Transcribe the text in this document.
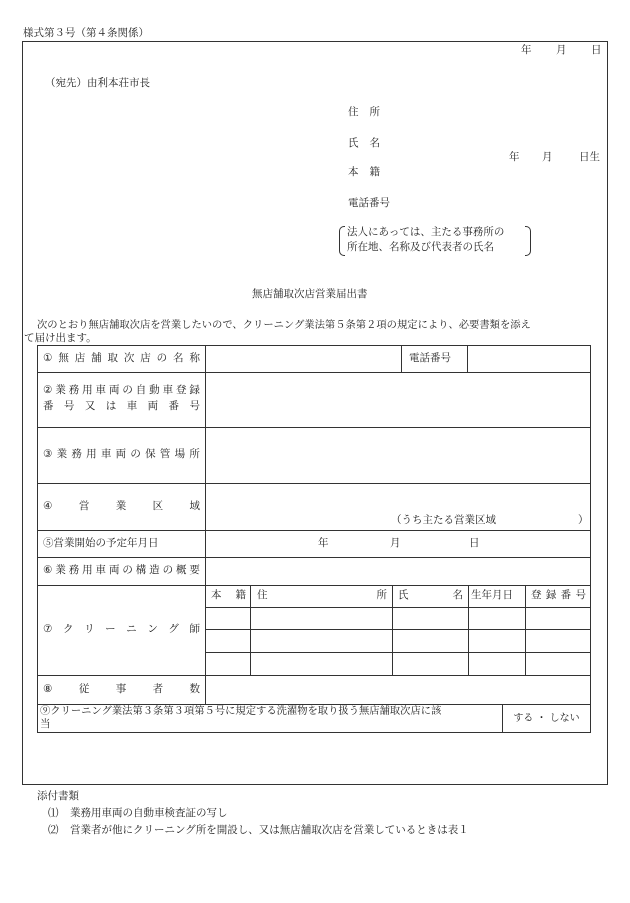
様式第３号（第４条関係）
年 月 日
（宛先）由利本荘市長
住 所
氏 名
本 籍
年 月	日生
電話番号
法人にあっては、主たる事務所の
所在地、名称及び代表者の氏名
無店舗取次店営業届出書
次のとおり無店舗取次店を営業したいので、クリーニング業法第５条第２項の規定により、必要書類を添え
て届け出ます。
① 無 店 舗 取 次 店 の 名 称	電話番号
② 業 務 用 車 両 の 自 動 車 登 録
番 号 又 は 車 両 番 号
③ 業 務 用 車 両 の 保 管 場 所
④	営	業	区	域
（うち主たる営業区域	）
⑤営業開始の予定年月日	年	月	日
⑥ 業 務 用 車 両 の 構 造 の 概 要
⑦ ク リ ー ニ ン グ 師
本 籍 住	所 氏	名 生年月日 登 録 番 号
⑧	従	事	者	数
⑨クリーニング業法第３条第３項第５号に規定する洗濯物を取り扱う無店舗取次店に該
当	する ・ しない
添付書類
⑴ 業務用車両の自動車検査証の写し
⑵ 営業者が他にクリーニング所を開設し、又は無店舗取次店を営業しているときは表１
